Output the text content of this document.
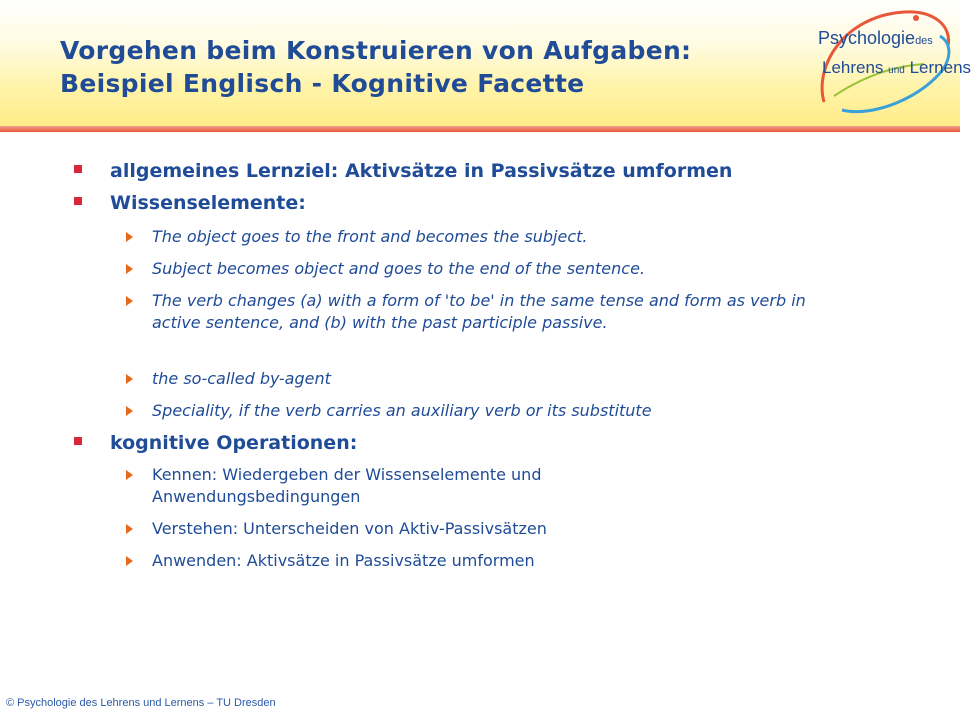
Vorgehen beim Konstruieren von Aufgaben:
Beispiel Englisch - Kognitive Facette
Psychologiedes
Lehrens und Lernens
allgemeines Lernziel: Aktivsätze in Passivsätze umformen
Wissenselemente:
The object goes to the front and becomes the subject.
Subject becomes object and goes to the end of the sentence.
The verb changes (a) with a form of 'to be' in the same tense and form as verb in active sentence, and (b) with the past participle passive.
the so-called by-agent
Speciality, if the verb carries an auxiliary verb or its substitute
kognitive Operationen:
Kennen: Wiedergeben der Wissenselemente und Anwendungsbedingungen
Verstehen: Unterscheiden von Aktiv-Passivsätzen
Anwenden: Aktivsätze in Passivsätze umformen
© Psychologie des Lehrens und Lernens – TU Dresden
